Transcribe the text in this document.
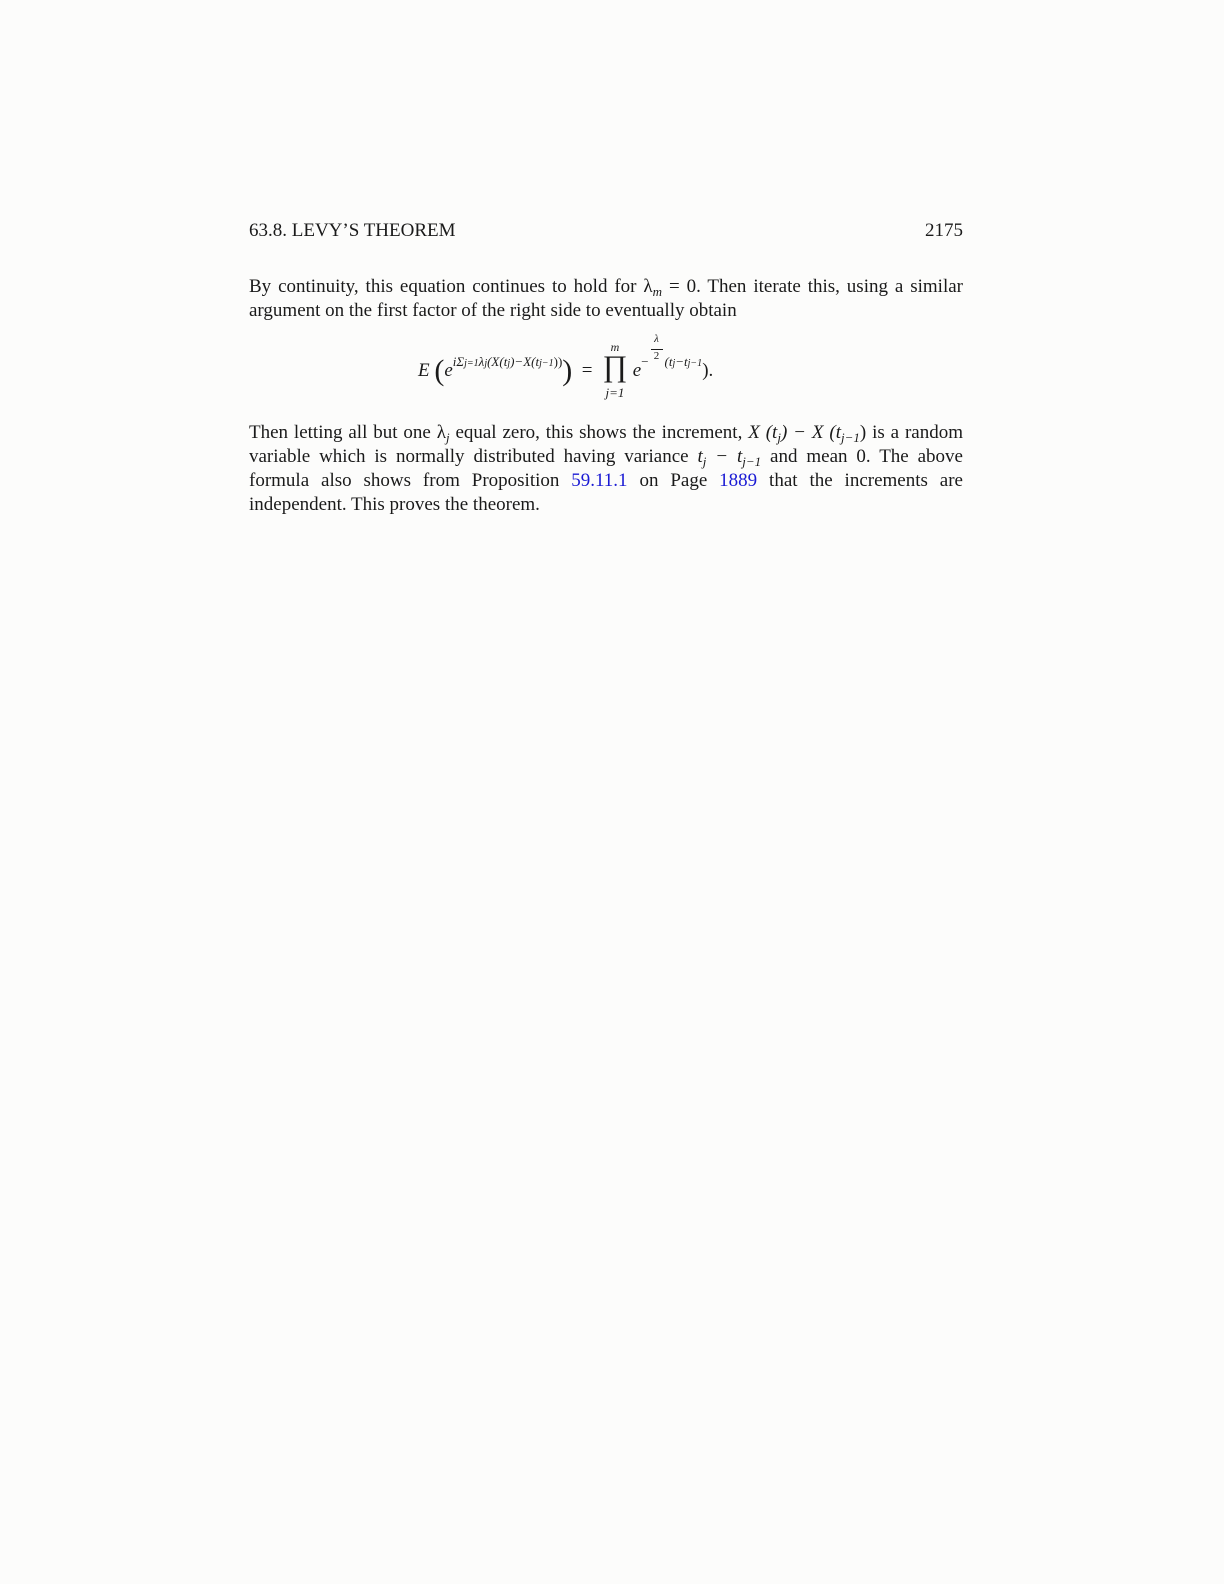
63.8. LEVY’S THEOREM	2175
By continuity, this equation continues to hold for $\lambda_m = 0$. Then iterate this, using a similar argument on the first factor of the right side to eventually obtain
E (eiΣj=1λj(X(tj)−X(tj−1))) =
m
∏
j=1
$e- \frac{\lambda}{2} (tj-tj-1)$.
Then letting all but one $\lambda_j$ equal zero, this shows the increment, X $(t_j) - X$ $(t_{j-1})$ is a random variable which is normally distributed having variance $t_j - t_{j-1}$ and mean 0. The above formula also shows from Proposition 59.11.1 on Page 1889 that the increments are independent. This proves the theorem.
